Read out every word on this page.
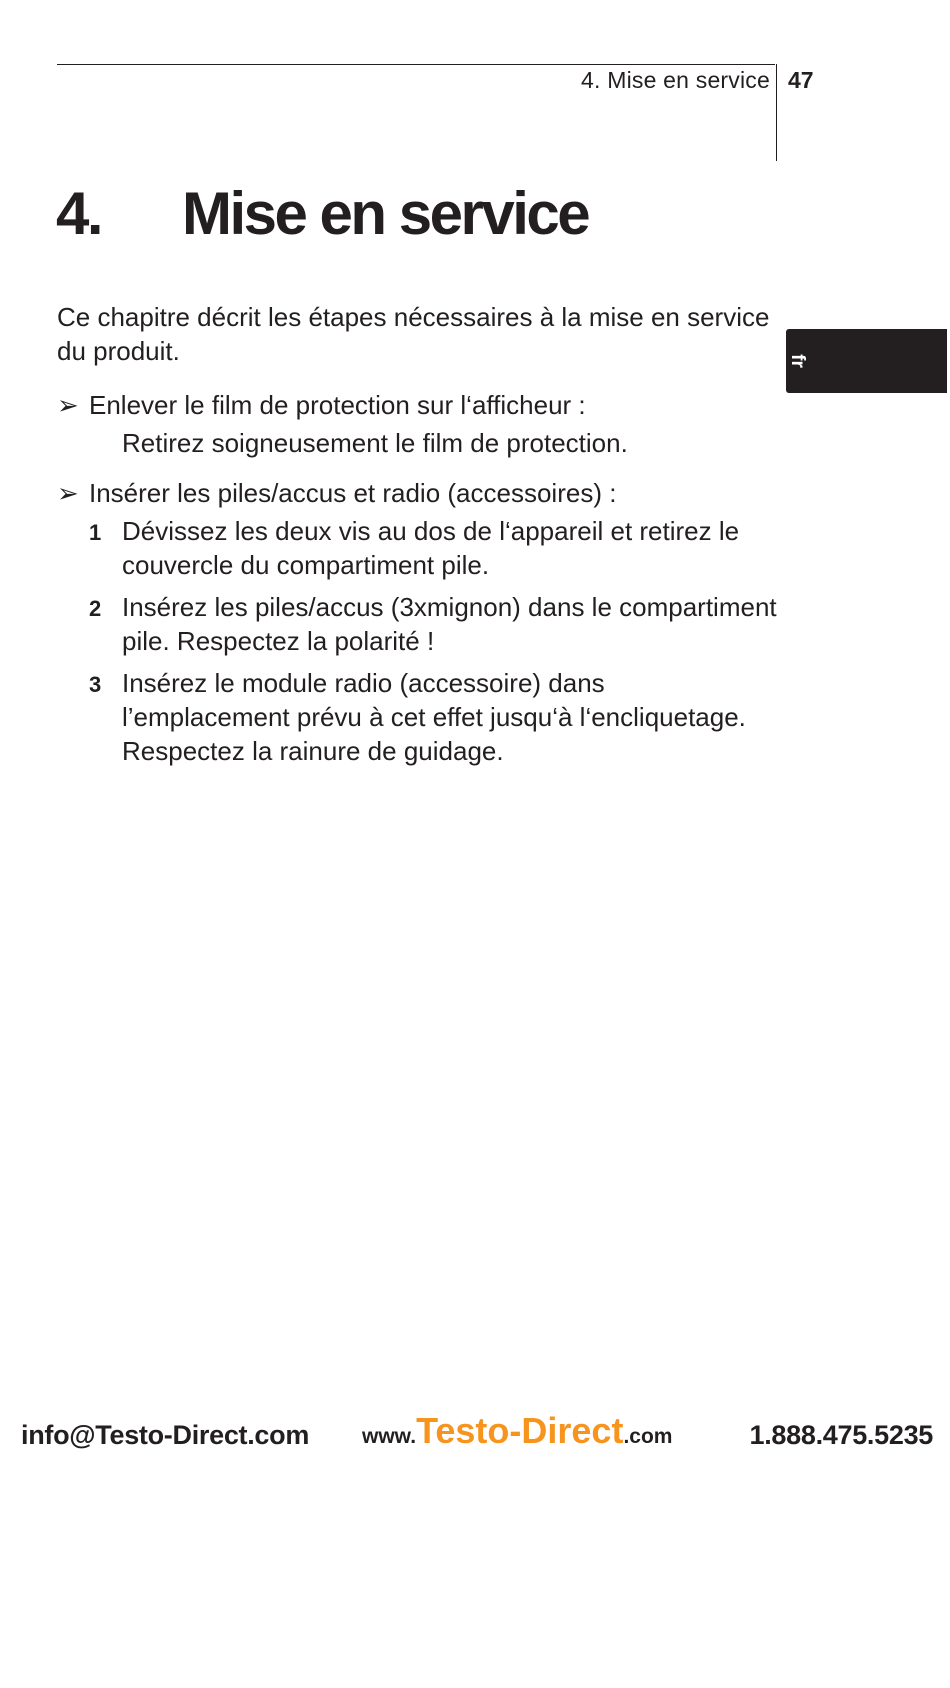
4. Mise en service 47
4. Mise en service
fr

Ce chapitre décrit les étapes nécessaires à la mise en service du produit.

➢ Enlever le film de protection sur l‘afficheur :

Retirez soigneusement le film de protection.

➢ Insérer les piles/accus et radio (accessoires) :
1 Dévissez les deux vis au dos de l‘appareil et retirez le couvercle du compartiment pile.
2 Insérez les piles/accus (3xmignon) dans le compartiment pile. Respectez la polarité !
3 Insérez le module radio (accessoire) dans l’emplacement prévu à cet effet jusqu‘à l‘encliquetage.
Respectez la rainure de guidage.
info@Testo-Direct.com	www.Testo-Direct.com	1.888.475.5235
